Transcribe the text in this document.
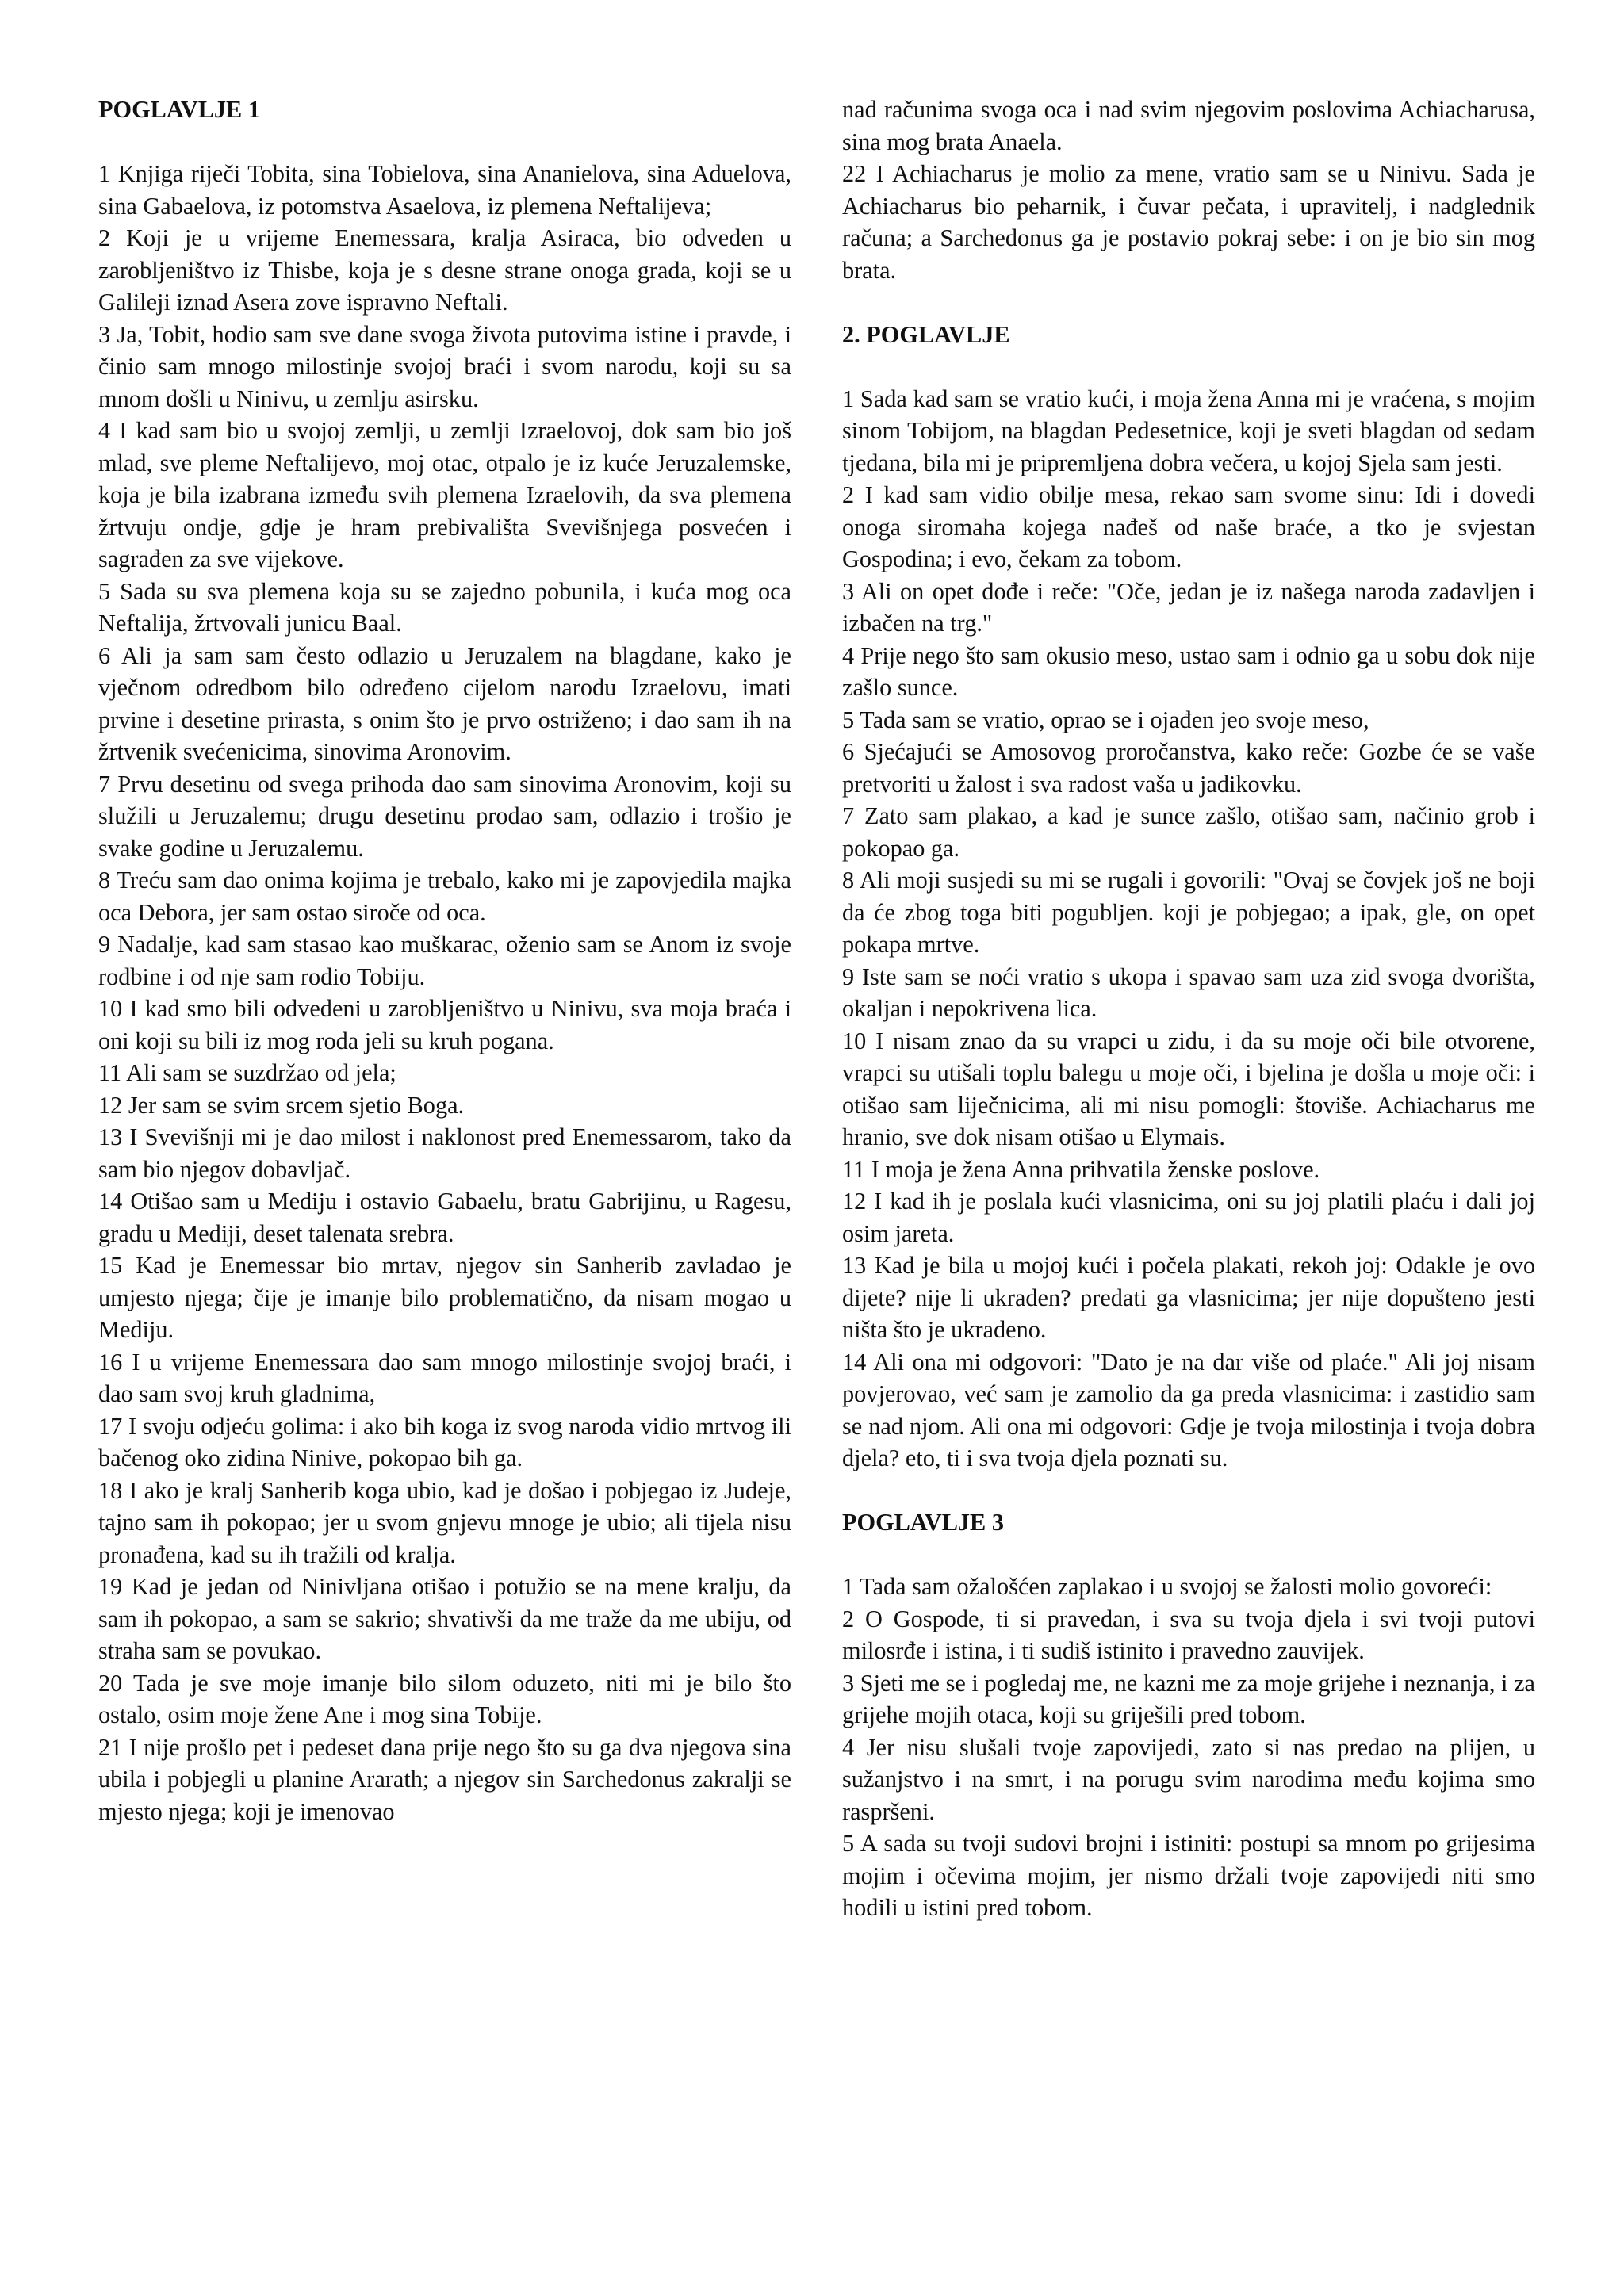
POGLAVLJE 1

1 Knjiga riječi Tobita, sina Tobielova, sina Ananielova, sina Aduelova, sina Gabaelova, iz potomstva Asaelova, iz plemena Neftalijeva;

2 Koji je u vrijeme Enemessara, kralja Asiraca, bio odveden u zarobljeništvo iz Thisbe, koja je s desne strane onoga grada, koji se u Galileji iznad Asera zove ispravno Neftali.

3 Ja, Tobit, hodio sam sve dane svoga života putovima istine i pravde, i činio sam mnogo milostinje svojoj braći i svom narodu, koji su sa mnom došli u Ninivu, u zemlju asirsku.

4 I kad sam bio u svojoj zemlji, u zemlji Izraelovoj, dok sam bio još mlad, sve pleme Neftalijevo, moj otac, otpalo je iz kuće Jeruzalemske, koja je bila izabrana između svih plemena Izraelovih, da sva plemena žrtvuju ondje, gdje je hram prebivališta Svevišnjega posvećen i sagrađen za sve vijekove.

5 Sada su sva plemena koja su se zajedno pobunila, i kuća mog oca Neftalija, žrtvovali junicu Baal.

6 Ali ja sam sam često odlazio u Jeruzalem na blagdane, kako je vječnom odredbom bilo određeno cijelom narodu Izraelovu, imati prvine i desetine prirasta, s onim što je prvo ostriženo; i dao sam ih na žrtvenik svećenicima, sinovima Aronovim.

7 Prvu desetinu od svega prihoda dao sam sinovima Aronovim, koji su služili u Jeruzalemu; drugu desetinu prodao sam, odlazio i trošio je svake godine u Jeruzalemu.

8 Treću sam dao onima kojima je trebalo, kako mi je zapovjedila majka oca Debora, jer sam ostao siroče od oca.

9 Nadalje, kad sam stasao kao muškarac, oženio sam se Anom iz svoje rodbine i od nje sam rodio Tobiju.

10 I kad smo bili odvedeni u zarobljeništvo u Ninivu, sva moja braća i oni koji su bili iz mog roda jeli su kruh pogana.

11 Ali sam se suzdržao od jela;

12 Jer sam se svim srcem sjetio Boga.

13 I Svevišnji mi je dao milost i naklonost pred Enemessarom, tako da sam bio njegov dobavljač.

14 Otišao sam u Mediju i ostavio Gabaelu, bratu Gabrijinu, u Ragesu, gradu u Mediji, deset talenata srebra.

15 Kad je Enemessar bio mrtav, njegov sin Sanherib zavladao je umjesto njega; čije je imanje bilo problematično, da nisam mogao u Mediju.

16 I u vrijeme Enemessara dao sam mnogo milostinje svojoj braći, i dao sam svoj kruh gladnima,

17 I svoju odjeću golima: i ako bih koga iz svog naroda vidio mrtvog ili bačenog oko zidina Ninive, pokopao bih ga.

18 I ako je kralj Sanherib koga ubio, kad je došao i pobjegao iz Judeje, tajno sam ih pokopao; jer u svom gnjevu mnoge je ubio; ali tijela nisu pronađena, kad su ih tražili od kralja.

19 Kad je jedan od Ninivljana otišao i potužio se na mene kralju, da sam ih pokopao, a sam se sakrio; shvativši da me traže da me ubiju, od straha sam se povukao.

20 Tada je sve moje imanje bilo silom oduzeto, niti mi je bilo što ostalo, osim moje žene Ane i mog sina Tobije.

21 I nije prošlo pet i pedeset dana prije nego što su ga dva njegova sina ubila i pobjegli u planine Ararath; a njegov sin Sarchedonus zakralji se mjesto njega; koji je imenovao

nad računima svoga oca i nad svim njegovim poslovima Achiacharusa, sina mog brata Anaela.

22 I Achiacharus je molio za mene, vratio sam se u Ninivu. Sada je Achiacharus bio peharnik, i čuvar pečata, i upravitelj, i nadglednik računa; a Sarchedonus ga je postavio pokraj sebe: i on je bio sin mog brata.

2. POGLAVLJE

1 Sada kad sam se vratio kući, i moja žena Anna mi je vraćena, s mojim sinom Tobijom, na blagdan Pedesetnice, koji je sveti blagdan od sedam tjedana, bila mi je pripremljena dobra večera, u kojoj Sjela sam jesti.

2 I kad sam vidio obilje mesa, rekao sam svome sinu: Idi i dovedi onoga siromaha kojega nađeš od naše braće, a tko je svjestan Gospodina; i evo, čekam za tobom.

3 Ali on opet dođe i reče: "Oče, jedan je iz našega naroda zadavljen i izbačen na trg."

4 Prije nego što sam okusio meso, ustao sam i odnio ga u sobu dok nije zašlo sunce.

5 Tada sam se vratio, oprao se i ojađen jeo svoje meso,

6 Sjećajući se Amosovog proročanstva, kako reče: Gozbe će se vaše pretvoriti u žalost i sva radost vaša u jadikovku.

7 Zato sam plakao, a kad je sunce zašlo, otišao sam, načinio grob i pokopao ga.

8 Ali moji susjedi su mi se rugali i govorili: "Ovaj se čovjek još ne boji da će zbog toga biti pogubljen. koji je pobjegao; a ipak, gle, on opet pokapa mrtve.

9 Iste sam se noći vratio s ukopa i spavao sam uza zid svoga dvorišta, okaljan i nepokrivena lica.

10 I nisam znao da su vrapci u zidu, i da su moje oči bile otvorene, vrapci su utišali toplu balegu u moje oči, i bjelina je došla u moje oči: i otišao sam liječnicima, ali mi nisu pomogli: štoviše. Achiacharus me hranio, sve dok nisam otišao u Elymais.

11 I moja je žena Anna prihvatila ženske poslove.

12 I kad ih je poslala kući vlasnicima, oni su joj platili plaću i dali joj osim jareta.

13 Kad je bila u mojoj kući i počela plakati, rekoh joj: Odakle je ovo dijete? nije li ukraden? predati ga vlasnicima; jer nije dopušteno jesti ništa što je ukradeno.

14 Ali ona mi odgovori: "Dato je na dar više od plaće." Ali joj nisam povjerovao, već sam je zamolio da ga preda vlasnicima: i zastidio sam se nad njom. Ali ona mi odgovori: Gdje je tvoja milostinja i tvoja dobra djela? eto, ti i sva tvoja djela poznati su.

POGLAVLJE 3

1 Tada sam ožalošćen zaplakao i u svojoj se žalosti molio govoreći:

2 O Gospode, ti si pravedan, i sva su tvoja djela i svi tvoji putovi milosrđe i istina, i ti sudiš istinito i pravedno zauvijek.

3 Sjeti me se i pogledaj me, ne kazni me za moje grijehe i neznanja, i za grijehe mojih otaca, koji su griješili pred tobom.

4 Jer nisu slušali tvoje zapovijedi, zato si nas predao na plijen, u sužanjstvo i na smrt, i na porugu svim narodima među kojima smo raspršeni.

5 A sada su tvoji sudovi brojni i istiniti: postupi sa mnom po grijesima mojim i očevima mojim, jer nismo držali tvoje zapovijedi niti smo hodili u istini pred tobom.
